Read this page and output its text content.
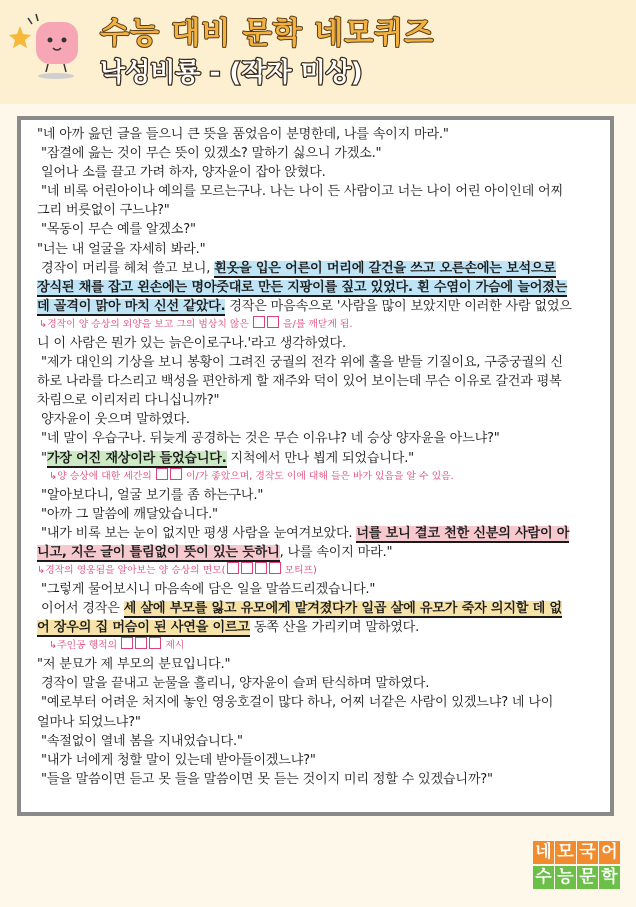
수능 대비 문학 네모퀴즈
낙성비룡 - (작자 미상)
"네 아까 읊던 글을 들으니 큰 뜻을 품었음이 분명한데, 나를 속이지 마라."
"잠결에 읊는 것이 무슨 뜻이 있겠소? 말하기 싫으니 가겠소."
일어나 소를 끌고 가려 하자, 양자윤이 잡아 앉혔다.
"네 비록 어린아이나 예의를 모르는구나. 나는 나이 든 사람이고 너는 나이 어린 아이인데 어찌
그리 버릇없이 구느냐?"
"목동이 무슨 예를 알겠소?"
"너는 내 얼굴을 자세히 봐라."
경작이 머리를 헤쳐 쓸고 보니, 흰옷을 입은 어른이 머리에 갈건을 쓰고 오른손에는 보석으로
장식된 채를 잡고 왼손에는 명아줏대로 만든 지팡이를 짚고 있었다. 흰 수염이 가슴에 늘어졌는
데 골격이 맑아 마치 신선 같았다. 경작은 마음속으로 '사람을 많이 보았지만 이러한 사람 없었으
↳경작이 양 승상의 외양을 보고 그의 범상치 않은	을/를 깨닫게 됨.
니 이 사람은 뭔가 있는 늙은이로구나.'라고 생각하였다.
"제가 대인의 기상을 보니 봉황이 그려진 궁궐의 전각 위에 홀을 받들 기질이요, 구중궁궐의 신
하로 나라를 다스리고 백성을 편안하게 할 재주와 덕이 있어 보이는데 무슨 이유로 갈건과 평복
차림으로 이리저리 다니십니까?"
양자윤이 웃으며 말하였다.
"네 말이 우습구나. 뒤늦게 공경하는 것은 무슨 이유냐? 네 승상 양자윤을 아느냐?"
"가장 어진 재상이라 들었습니다. 지척에서 만나 뵙게 되었습니다."
↳양 승상에 대한 세간의	이/가 좋았으며, 경작도 이에 대해 들은 바가 있음을 알 수 있음.
"알아보다니, 얼굴 보기를 좀 하는구나."
"아까 그 말씀에 깨달았습니다."
"내가 비록 보는 눈이 없지만 평생 사람을 눈여겨보았다. 너를 보니 결코 천한 신분의 사람이 아
니고, 지은 글이 틀림없이 뜻이 있는 듯하니, 나를 속이지 마라."
↳경작의 영웅됨을 알아보는 양 승상의 면모(	모티프)
"그렇게 물어보시니 마음속에 담은 일을 말씀드리겠습니다."
이어서 경작은 세 살에 부모를 잃고 유모에게 맡겨졌다가 일곱 살에 유모가 죽자 의지할 데 없
어 장우의 집 머슴이 된 사연을 이르고 동쪽 산을 가리키며 말하였다.
↳주인공 행적의	제시
"저 분묘가 제 부모의 분묘입니다."
경작이 말을 끝내고 눈물을 흘리니, 양자윤이 슬퍼 탄식하며 말하였다.
"예로부터 어려운 처지에 놓인 영웅호걸이 많다 하나, 어찌 너같은 사람이 있겠느냐? 네 나이
얼마나 되었느냐?"
"속절없이 열네 봄을 지내었습니다."
"내가 너에게 청할 말이 있는데 받아들이겠느냐?"
"들을 말씀이면 듣고 못 들을 말씀이면 못 듣는 것이지 미리 정할 수 있겠습니까?"
네 모 국 어
수 능 문 학
